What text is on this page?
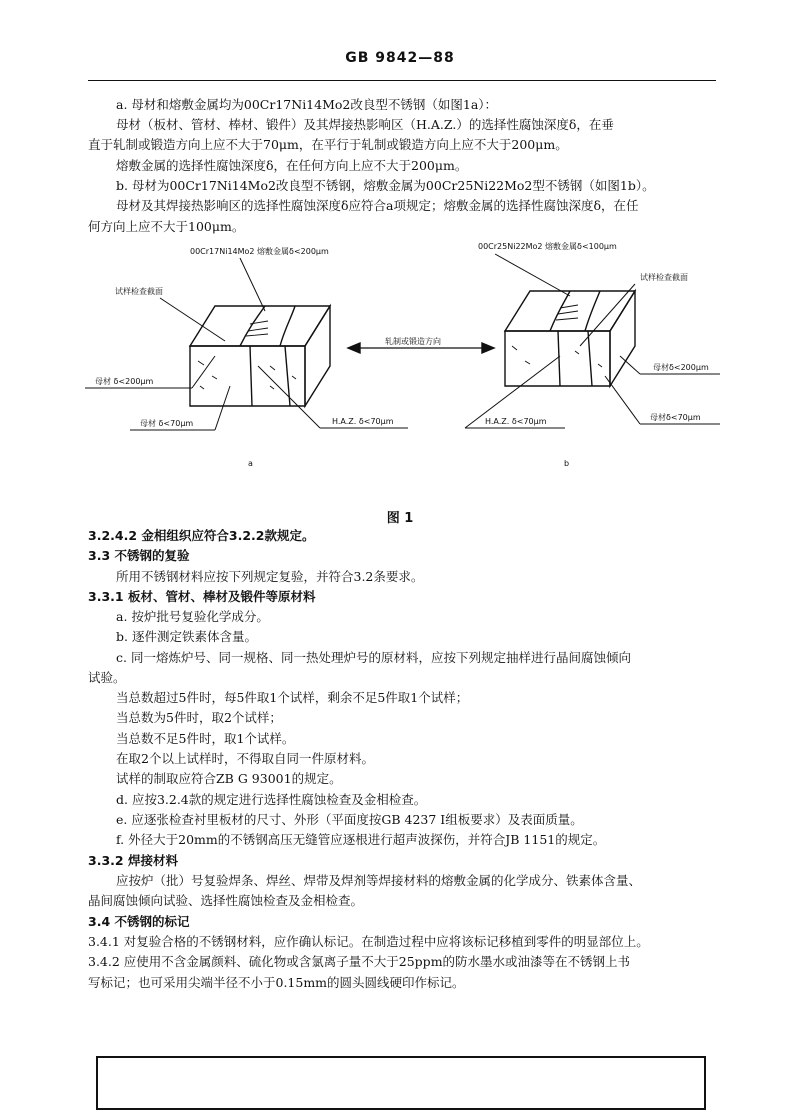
GB 9842—88
a. 母材和熔敷金属均为00Cr17Ni14Mo2改良型不锈钢（如图1a）：
母材（板材、管材、棒材、锻件）及其焊接热影响区（H.A.Z.）的选择性腐蚀深度δ，在垂
直于轧制或锻造方向上应不大于70μm，在平行于轧制或锻造方向上应不大于200μm。
熔敷金属的选择性腐蚀深度δ，在任何方向上应不大于200μm。
b. 母材为00Cr17Ni14Mo2改良型不锈钢，熔敷金属为00Cr25Ni22Mo2型不锈钢（如图1b）。
母材及其焊接热影响区的选择性腐蚀深度δ应符合a项规定；熔敷金属的选择性腐蚀深度δ，在任
何方向上应不大于100μm。
00Cr17Ni14Mo2 熔敷金属δ<200μm
试样检查截面
母材 δ<200μm
母材 δ<70μm	H.A.Z. δ<70μm
a
轧制或锻造方向
00Cr25Ni22Mo2 熔敷金属δ<100μm
试样检查截面
母材δ<200μm
母材δ<70μm
H.A.Z. δ<70μm
b
图 1
3.2.4.2 金相组织应符合3.2.2款规定。
3.3 不锈钢的复验
所用不锈钢材料应按下列规定复验，并符合3.2条要求。
3.3.1 板材、管材、棒材及锻件等原材料
a. 按炉批号复验化学成分。
b. 逐件测定铁素体含量。
c. 同一熔炼炉号、同一规格、同一热处理炉号的原材料，应按下列规定抽样进行晶间腐蚀倾向
试验。
当总数超过5件时，每5件取1个试样，剩余不足5件取1个试样；
当总数为5件时，取2个试样；
当总数不足5件时，取1个试样。
在取2个以上试样时，不得取自同一件原材料。
试样的制取应符合ZB G 93001的规定。
d. 应按3.2.4款的规定进行选择性腐蚀检查及金相检查。
e. 应逐张检查衬里板材的尺寸、外形（平面度按GB 4237 I组板要求）及表面质量。
f. 外径大于20mm的不锈钢高压无缝管应逐根进行超声波探伤，并符合JB 1151的规定。
3.3.2 焊接材料
应按炉（批）号复验焊条、焊丝、焊带及焊剂等焊接材料的熔敷金属的化学成分、铁素体含量、
晶间腐蚀倾向试验、选择性腐蚀检查及金相检查。
3.4 不锈钢的标记
3.4.1 对复验合格的不锈钢材料，应作确认标记。在制造过程中应将该标记移植到零件的明显部位上。
3.4.2 应使用不含金属颜料、硫化物或含氯离子量不大于25ppm的防水墨水或油漆等在不锈钢上书
写标记；也可采用尖端半径不小于0.15mm的圆头圆线硬印作标记。
